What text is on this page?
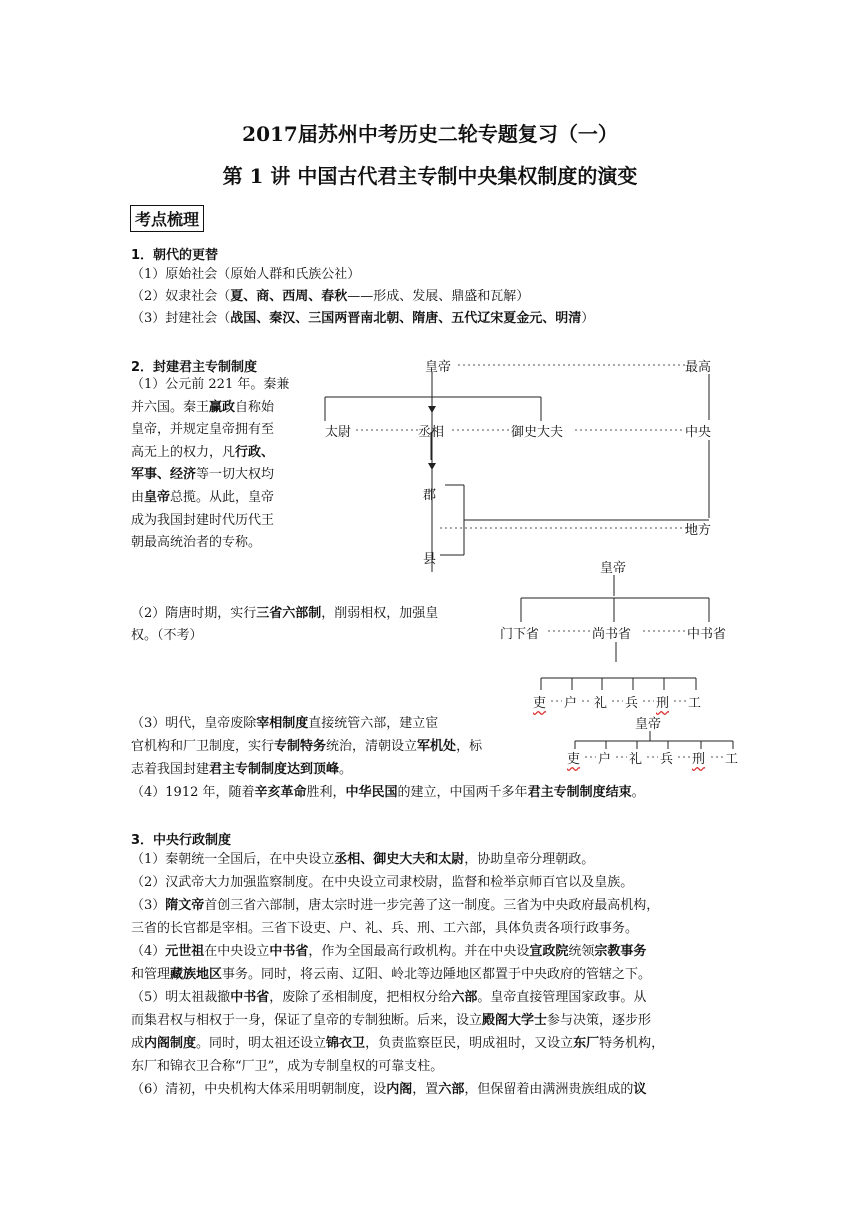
2017届苏州中考历史二轮专题复习（一）
第 1 讲 中国古代君主专制中央集权制度的演变
考点梳理
1．朝代的更替
（1）原始社会（原始人群和氏族公社）
（2）奴隶社会（夏、商、西周、春秋——形成、发展、鼎盛和瓦解）
（3）封建社会（战国、秦汉、三国两晋南北朝、隋唐、五代辽宋夏金元、明清）
2．封建君主专制制度
（1）公元前 221 年。秦兼
并六国。秦王赢政自称始
皇帝，并规定皇帝拥有至
高无上的权力，凡行政、
军事、经济等一切大权均
由皇帝总揽。从此，皇帝
成为我国封建时代历代王
朝最高统治者的专称。
（2）隋唐时期，实行三省六部制，削弱相权，加强皇
权。（不考）
（3）明代，皇帝废除宰相制度直接统管六部，建立宦
官机构和厂卫制度，实行专制特务统治，清朝设立军机处，标
志着我国封建君主专制制度达到顶峰。
（4）1912 年，随着辛亥革命胜利，中华民国的建立，中国两千多年君主专制制度结束。
皇帝	最高
太尉	丞相	御史大夫	中央
郡
地方
县
皇帝
门下省	尚书省	中书省
吏 户 礼 兵 刑 工
皇帝
吏 户 礼 兵 刑 工
3．中央行政制度
（1）秦朝统一全国后，在中央设立丞相、御史大夫和太尉，协助皇帝分理朝政。
（2）汉武帝大力加强监察制度。在中央设立司隶校尉，监督和检举京师百官以及皇族。
（3）隋文帝首创三省六部制，唐太宗时进一步完善了这一制度。三省为中央政府最高机构，
三省的长官都是宰相。三省下设吏、户、礼、兵、刑、工六部，具体负责各项行政事务。
（4）元世祖在中央设立中书省，作为全国最高行政机构。并在中央设宣政院统领宗教事务
和管理藏族地区事务。同时，将云南、辽阳、岭北等边陲地区都置于中央政府的管辖之下。
（5）明太祖裁撤中书省，废除了丞相制度，把相权分给六部。皇帝直接管理国家政事。从
而集君权与相权于一身，保证了皇帝的专制独断。后来，设立殿阁大学士参与决策，逐步形
成内阁制度。同时，明太祖还设立锦衣卫，负责监察臣民，明成祖时，又设立东厂特务机构，
东厂和锦衣卫合称“厂卫”，成为专制皇权的可靠支柱。
（6）清初，中央机构大体采用明朝制度，设内阁，置六部，但保留着由满洲贵族组成的议
